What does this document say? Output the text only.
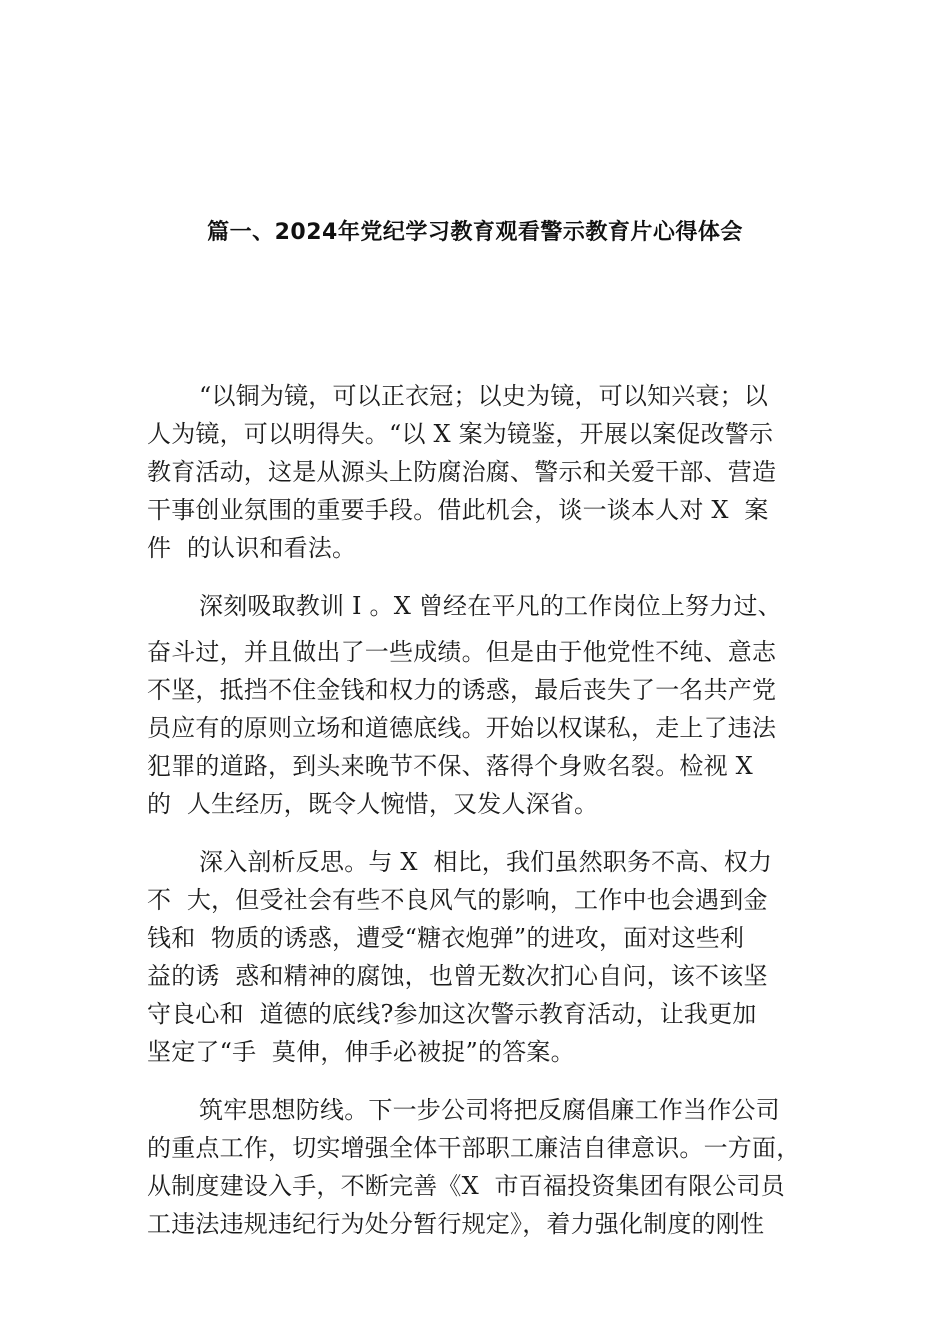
篇一、2024年党纪学习教育观看警示教育片心得体会
“以铜为镜，可以正衣冠；以史为镜，可以知兴衰；以
人为镜，可以明得失。“以 X 案为镜鉴，开展以案促改警示
教育活动，这是从源头上防腐治腐、警示和关爱干部、营造
干事创业氛围的重要手段。借此机会，谈一谈本人对 X  案
件  的认识和看法。
深刻吸取教训 I 。X 曾经在平凡的工作岗位上努力过、
奋斗过，并且做出了一些成绩。但是由于他党性不纯、意志
不坚，抵挡不住金钱和权力的诱惑，最后丧失了一名共产党
员应有的原则立场和道德底线。开始以权谋私，走上了违法
犯罪的道路，到头来晚节不保、落得个身败名裂。检视 X
的  人生经历，既令人惋惜，又发人深省。
深入剖析反思。与 X  相比，我们虽然职务不高、权力
不  大，但受社会有些不良风气的影响，工作中也会遇到金
钱和  物质的诱惑，遭受“糖衣炮弹”的进攻，面对这些利
益的诱  惑和精神的腐蚀，也曾无数次扪心自问，该不该坚
守良心和  道德的底线?参加这次警示教育活动，让我更加
坚定了“手  莫伸，伸手必被捉”的答案。
筑牢思想防线。下一步公司将把反腐倡廉工作当作公司
的重点工作，切实增强全体干部职工廉洁自律意识。一方面，
从制度建设入手，不断完善《X  市百福投资集团有限公司员
工违法违规违纪行为处分暂行规定》，着力强化制度的刚性
